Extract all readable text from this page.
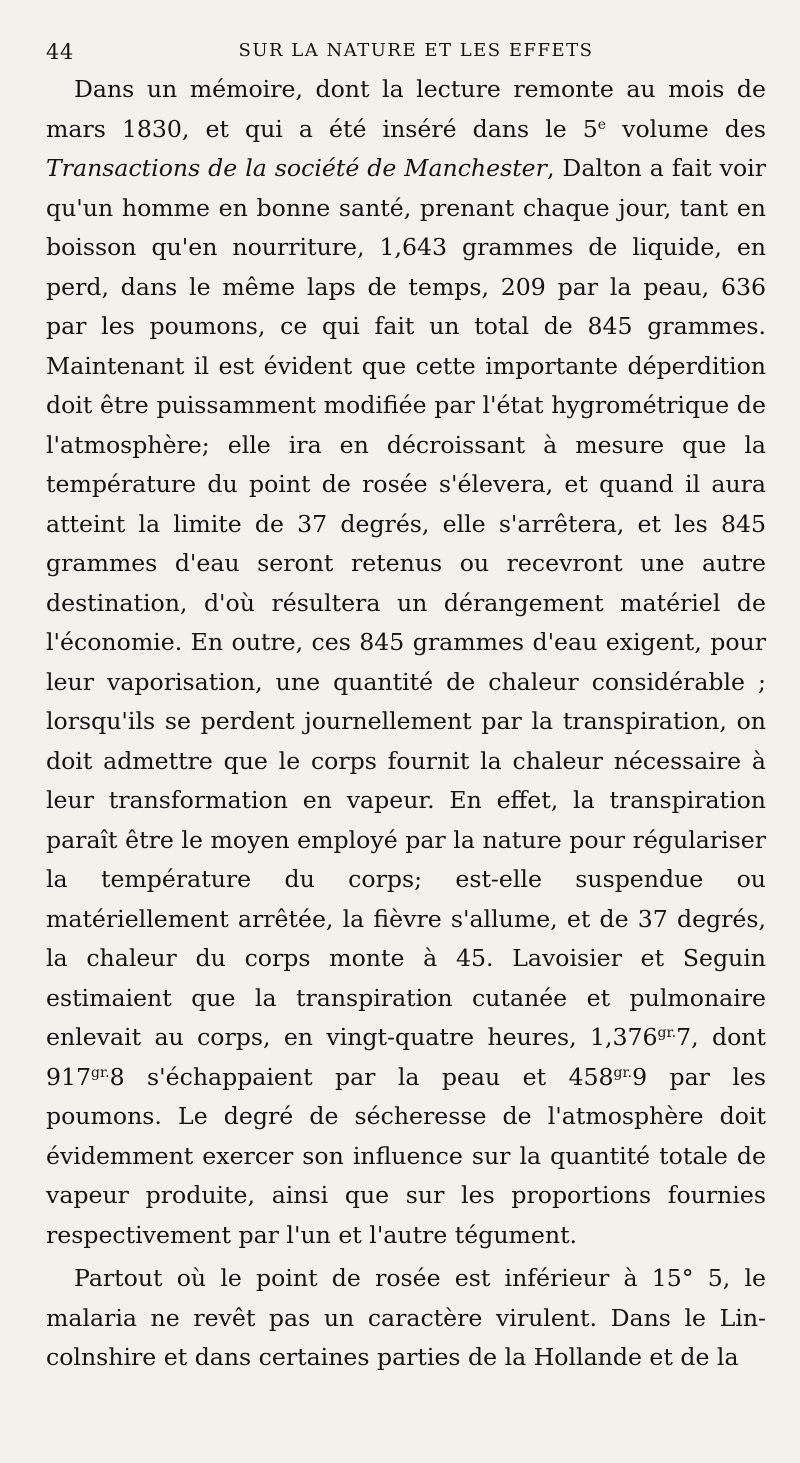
44	SUR LA NATURE ET LES EFFETS

Dans un mémoire, dont la lecture remonte au mois de mars 1830, et qui a été inséré dans le 5e volume des Transactions de la société de Manchester, Dalton a fait voir qu'un homme en bonne santé, prenant chaque jour, tant en boisson qu'en nourriture, 1,643 grammes de liquide, en perd, dans le même laps de temps, 209 par la peau, 636 par les poumons, ce qui fait un total de 845 grammes. Maintenant il est évident que cette importante déperdition doit être puissamment modifiée par l'état hygrométrique de l'atmosphère; elle ira en décroissant à mesure que la température du point de rosée s'élevera, et quand il aura atteint la limite de 37 degrés, elle s'arrêtera, et les 845 grammes d'eau seront retenus ou recevront une autre destination, d'où résultera un dérangement matériel de l'économie. En outre, ces 845 grammes d'eau exigent, pour leur vaporisation, une quantité de chaleur considérable ; lorsqu'ils se perdent journellement par la transpiration, on doit admettre que le corps fournit la chaleur nécessaire à leur transformation en vapeur. En effet, la transpiration paraît être le moyen employé par la nature pour régulariser la température du corps; est-elle suspendue ou matériellement arrêtée, la fièvre s'allume, et de 37 degrés, la chaleur du corps monte à 45. Lavoisier et Seguin estimaient que la transpiration cutanée et pulmonaire enlevait au corps, en vingt-quatre heures, $1,376^{gr.}7$, dont $917^{gr.}8$ s'échappaient par la peau et $458^{gr.}9$ par les poumons. Le degré de sécheresse de l'atmosphère doit évidemment exercer son influence sur la quantité totale de vapeur produite, ainsi que sur les proportions fournies respectivement par l'un et l'autre tégument.

Partout où le point de rosée est inférieur à 15° 5, le malaria ne revêt pas un caractère virulent. Dans le Lincolnshire et dans certaines parties de la Hollande et de la
